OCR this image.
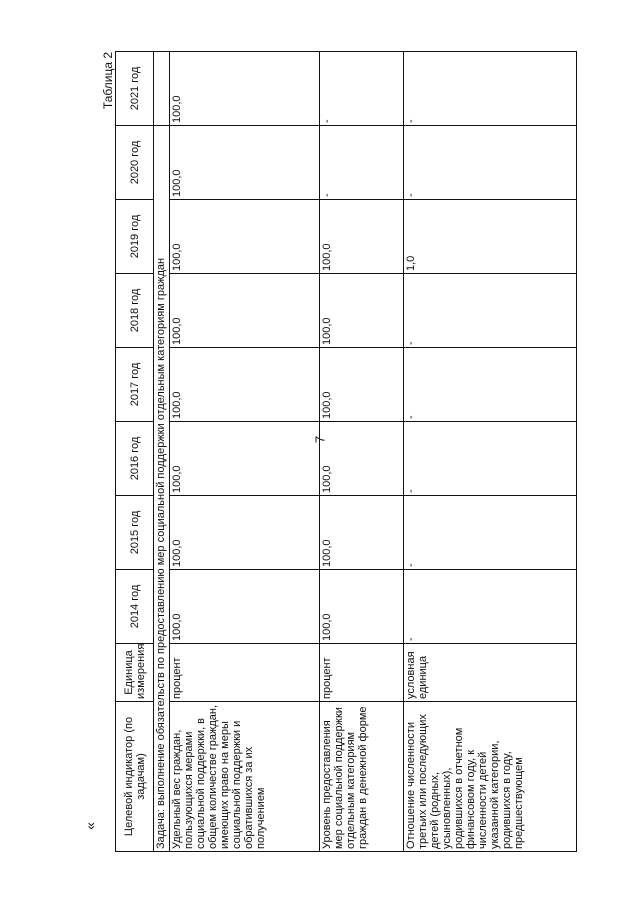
7
«
Таблица 2
Целевой индикатор (по задачам)	Единица измерения	2014 год	2015 год	2016 год	2017 год	2018 год	2019 год	2020 год	2021 год
Задача: выполнение обязательств по предоставлению мер социальной поддержки отдельным категориям граждан									
Удельный вес граждан, пользующихся мерами социальной поддержки, в общем количестве граждан, имеющих право на меры социальной поддержки и обратившихся за их получением	процент	100,0	100,0	100,0	100,0	100,0	100,0	100,0	100,0
Уровень предоставления мер социальной поддержки отдельным категориям граждан в денежной форме	процент	100,0	100,0	100,0	100,0	100,0	100,0	-	-
Отношение численности третьих или последующих детей (родных, усыновленных), родившихся в отчетном финансовом году, к численности детей указанной категории, родившихся в году, предшествующем	условная единица	-	-	-	-	-	1,0	-	-
